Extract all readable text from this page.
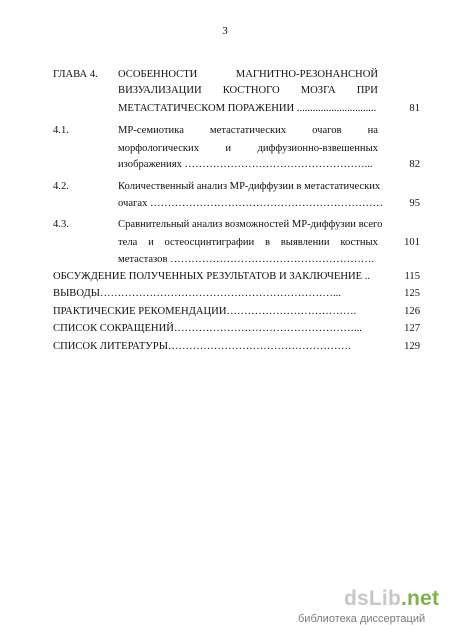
3
ГЛАВА 4. ОСОБЕННОСТИ	МАГНИТНО-РЕЗОНАНСНОЙ
ВИЗУАЛИЗАЦИИ КОСТНОГО МОЗГА ПРИ
МЕТАСТАТИЧЕСКОМ ПОРАЖЕНИИ ..............................	81
4.1.	МР-семиотика метастатических очагов на
морфологических и диффузионно-взвешенных
изображениях ……………………………………………...	82
4.2.	Количественный анализ МР-диффузии в метастатических
очагах …………………………………………………………	95
4.3.	Сравнительный анализ возможностей МР-диффузии всего
тела и остеосцинтиграфии в выявлении костных	101
метастазов ………………………………………………….
ОБСУЖДЕНИЕ ПОЛУЧЕННЫХ РЕЗУЛЬТАТОВ И ЗАКЛЮЧЕНИЕ ..	115
ВЫВОДЫ…………………………………………………………...	125
ПРАКТИЧЕСКИЕ РЕКОМЕНДАЦИИ……………………………….	126
СПИСОК СОКРАЩЕНИЙ……………………………………………...	127
СПИСОК ЛИТЕРАТУРЫ…………………………………………….	129
dsLib.net
библиотека диссертаций
